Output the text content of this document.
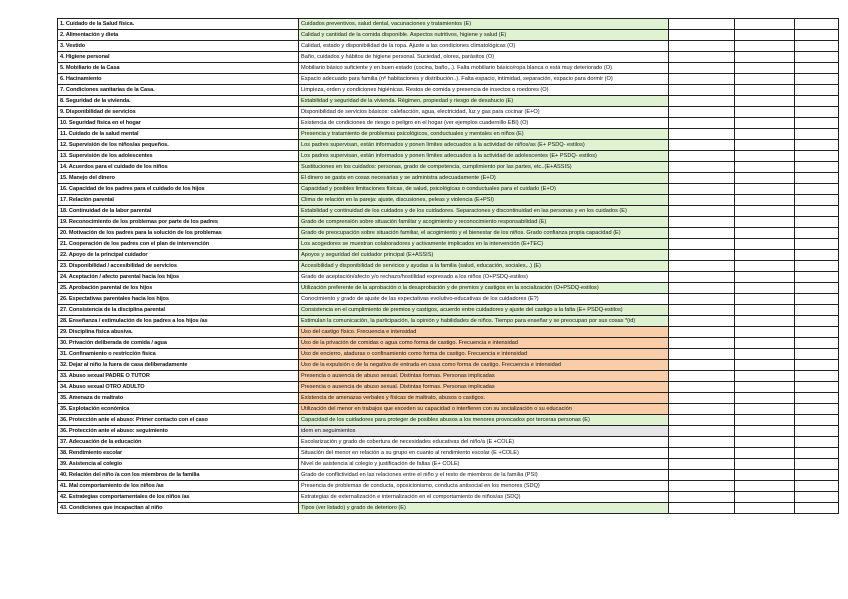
1. Cuidado de la Salud física.	Cuidados preventivos, salud dental, vacunaciones y tratamientos (E)			
2. Alimentación y dieta	Calidad y cantidad de la comida disponible. Aspectos nutritivos, higiene y salud (E)			
3. Vestido	Calidad, estado y disponibilidad de la ropa. Ajuste a las condiciones climatológicas (O)			
4. Higiene personal	Baño, cuidados y hábitos de higiene personal. Suciedad, olores, parásitos (O)			
5. Mobiliario de la Casa	Mobiliario básico suficiente y en buen estado (cocina, baño,..). Falta mobiliario básico/ropa blanca o está muy deteriorado (O)			
6. Hacinamiento	Espacio adecuado para familia (nº habitaciones y distribución..). Falta espacio, intimidad, separación, espacio para dormir (O)			
7. Condiciones sanitarias de la Casa.	Limpieza, orden y condiciones higiénicas. Restos de comida y presencia de insectos o roedores (O)			
8. Seguridad de la vivienda.	Estabilidad y seguridad de la vivienda. Régimen, propiedad y riesgo de desahucio (E)			
9. Disponibilidad de servicios	Disponibilidad de servicios básicos: calefacción, agua, electricidad, luz y gas para cocinar (E+O)			
10. Seguridad física en el hogar	Existencia de condiciones de riesgo o peligro en el hogar (ver ejemplos cuadernillo EBI) (O)			
11. Cuidado de la salud mental	Presencia y tratamiento de problemas psicológicos, conductuales y mentales en niños (E)			
12. Supervisión de los niños/as pequeños.	Los padres supervisan, están informados y ponen límites adecuados a la actividad de niños/as (E+ PSDQ- estilos)			
13. Supervisión de los adolescentes	Los padres supervisan, están informados y ponen límites adecuados a la actividad de adolescentes (E+ PSDQ- estilos)			
14. Acuerdos para el cuidado de los niños	Sustituciones en los cuidados: personas, grado de competencia, cumplimiento por las partes, etc..(E+ASSIS)			
15. Manejo del dinero	El dinero se gasta en cosas necesarias y se administra adecuadamente (E+O)			
16. Capacidad de los padres para el cuidado de los hijos	Capacidad y posibles limitaciones físicas, de salud, psicológicas o conductuales para el cuidado (E+O)			
17. Relación parental	Clima de relación en la pareja: ajuste, discusiones, peleas y violencia (E+PSI)			
18. Continuidad de la labor parental	Estabilidad y continuidad de los cuidados y de los cuidadores. Separaciones y discontinuidad en las personas y en los cuidados (E)			
19. Reconocimiento de los problemas por parte de los padres	Grado de comprensión sobre situación familiar y acogimiento y reconocimiento responsabilidad (E)			
20. Motivación de los padres para la solución de los problemas	Grado de preocupación sobre situación familiar, el acogimiento y el bienestar de los niños. Grado confianza propia capacidad (E)			
21. Cooperación de los padres con el plan de intervención	Los acogedores se muestran colaboradores y activamente implicados en la intervención (E+TEC)			
22. Apoyo de la principal cuidador	Apoyos y seguridad del cuidador principal (E+ASSIS)			
23. Disponibilidad / accesibilidad de servicios	Accesibilidad y disponibilidad de servicios y ayudas a la familia (salud, educación, sociales,..) (E)			
24. Aceptación / afecto parental hacia los hijos	Grado de aceptación/afecto y/o rechazo/hostilidad expresado a los niños (O+PSDQ-estilos)			
25. Aprobación parental de los hijos	Utilización preferente de la aprobación o la desaprobación y de premios y castigos en la socialización (O+PSDQ-estilos)			
26. Expectativas parentales hacia los hijos	Conocimiento y grado de ajuste de las expectativas evolutivo-educativas de los cuidadores (E?)			
27. Consistencia de la disciplina parental	Consistencia en el cumplimiento de premios y castigos, acuerdo entre cuidadores y ajuste del castigo a la falta (E+ PSDQ-estilos)			
28. Enseñanza / estimulación de los padres a los hijos /as	Estimulan la comunicación, la participación, la opinión y habilidades de niños. Tiempo para enseñar y se preocupan por sus cosas *(id)			
29. Disciplina física abusiva.	Uso del castigo físico. Frecuencia e intensidad			
30. Privación deliberada de comida / agua	Uso de la privación de comidas o agua como forma de castigo. Frecuencia e intensidad			
31. Confinamiento o restricción física	Uso de encierro, ataduras o confinamiento como forma de castigo. Frecuencia e intensidad			
32. Dejar al niño /a fuera de casa deliberadamente	Uso de la expulsión o de la negativa de entrada en casa como forma de castigo. Frecuencia e intensidad			
33. Abuso sexual PADRE O TUTOR	Presencia o ausencia de abuso sexual. Distintas formas. Personas implicadas			
34. Abuso sexual OTRO ADULTO	Presencia o ausencia de abuso sexual. Distintas formas. Personas implicadas			
35. Amenaza de maltrato	Existencia de amenazas verbales y físicas de maltrato, abusos o castigos.			
35. Explotación económica	Utilización del menor en trabajos que exceden su capacidad o interfieren con su socialización o su educación			
36. Protección ante el abuso: Primer contacto con el caso	Capacidad de los cuidadores para proteger de posibles abusos a los menores provocados por terceras personas (E)			
36. Protección ante el abuso: seguimiento	idem en seguimientos			
37. Adecuación de la educación	Escolarización y grado de cobertura de necesidades educativas del niño/a (E +COLE)			
38. Rendimiento escolar	Situación del menor en relación a su grupo en cuanto al rendimiento escolar (E +COLE)			
39. Asistencia al colegio	Nivel de asistencia al colegio y justificación de faltas (E+ COLE)			
40. Relación del niño /a con los miembros de la familia	Grado de conflictividad en las relaciones entre el niño y el resto de miembros de la familia (PSI)			
41. Mal comportamiento de los niños /as	Presencia de problemas de conducta, oposicionismo, conducta antisocial en los menores (SDQ)			
42. Estrategias comportamentales de los niños /as	Estrategias de externalización e internalización en el comportamiento de niños/as (SDQ)			
43. Condiciones que incapacitan al niño	Tipos (ver listado) y grado de deterioro (E)			
